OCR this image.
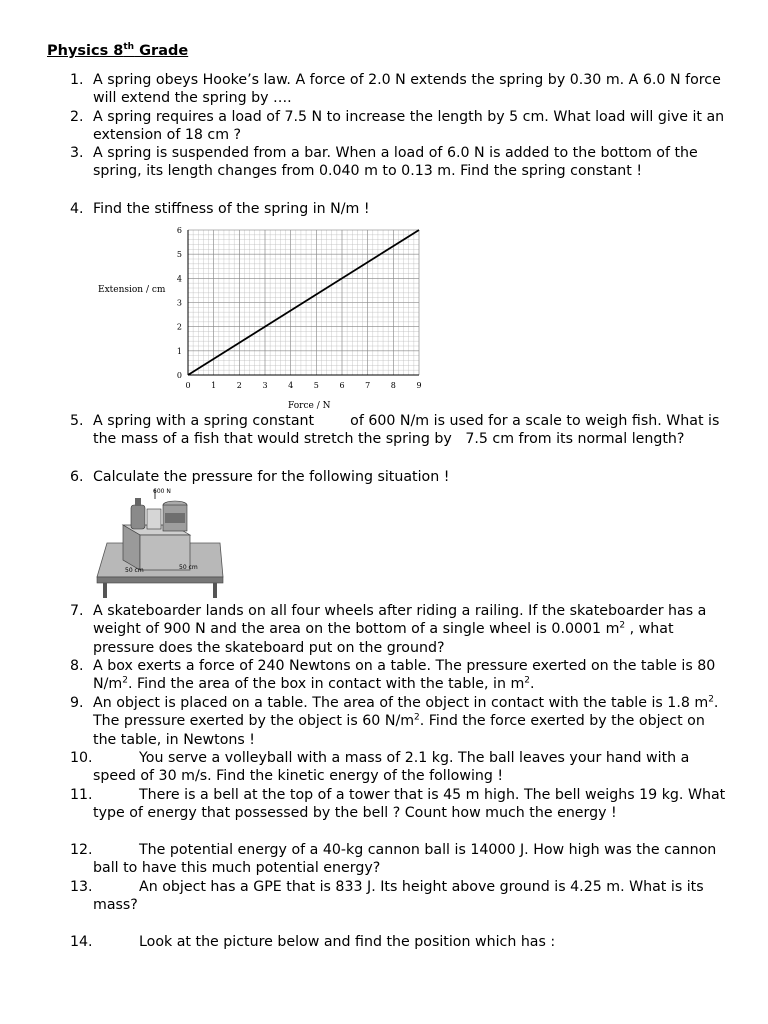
Physics 8th Grade
1. A spring obeys Hooke’s law. A force of 2.0 N extends the spring by 0.30 m. A 6.0 N force will extend the spring by ….
2. A spring requires a load of 7.5 N to increase the length by 5 cm. What load will give it an extension of 18 cm ?
3. A spring is suspended from a bar. When a load of 6.0 N is added to the bottom of the spring, its length changes from 0.040 m to 0.13 m. Find the spring constant !
4. Find the stiffness of the spring in N/m !
0	1	2	3	4	5	6	7	8	9
0
1
2
3
4
5
6
Extension / cm
Force / N
5. A spring with a spring constant        of 600 N/m is used for a scale to weigh fish. What is the mass of a fish that would stretch the spring by   7.5 cm from its normal length?
6. Calculate the pressure for the following situation !
600 N
50 cm	50 cm
7. A skateboarder lands on all four wheels after riding a railing. If the skateboarder has a weight of 900 N and the area on the bottom of a single wheel is 0.0001 $m^2$ , what pressure does the skateboard put on the ground?
8. A box exerts a force of 240 Newtons on a table. The pressure exerted on the table is 80 $N/m^2$. Find the area of the box in contact with the table, in $m^2$.
9. An object is placed on a table. The area of the object in contact with the table is 1.8 $m^2$. The pressure exerted by the object is 60 $N/m^2$. Find the force exerted by the object on the table, in Newtons !
10.	You serve a volleyball with a mass of 2.1 kg. The ball leaves your hand with a speed of 30 m/s. Find the kinetic energy of the following !
11.	There is a bell at the top of a tower that is 45 m high. The bell weighs 19 kg. What type of energy that possessed by the bell ? Count how much the energy !
12.	The potential energy of a 40-kg cannon ball is 14000 J. How high was the cannon ball to have this much potential energy?
13.	An object has a GPE that is 833 J. Its height above ground is 4.25 m. What is its mass?
14.	Look at the picture below and find the position which has :
